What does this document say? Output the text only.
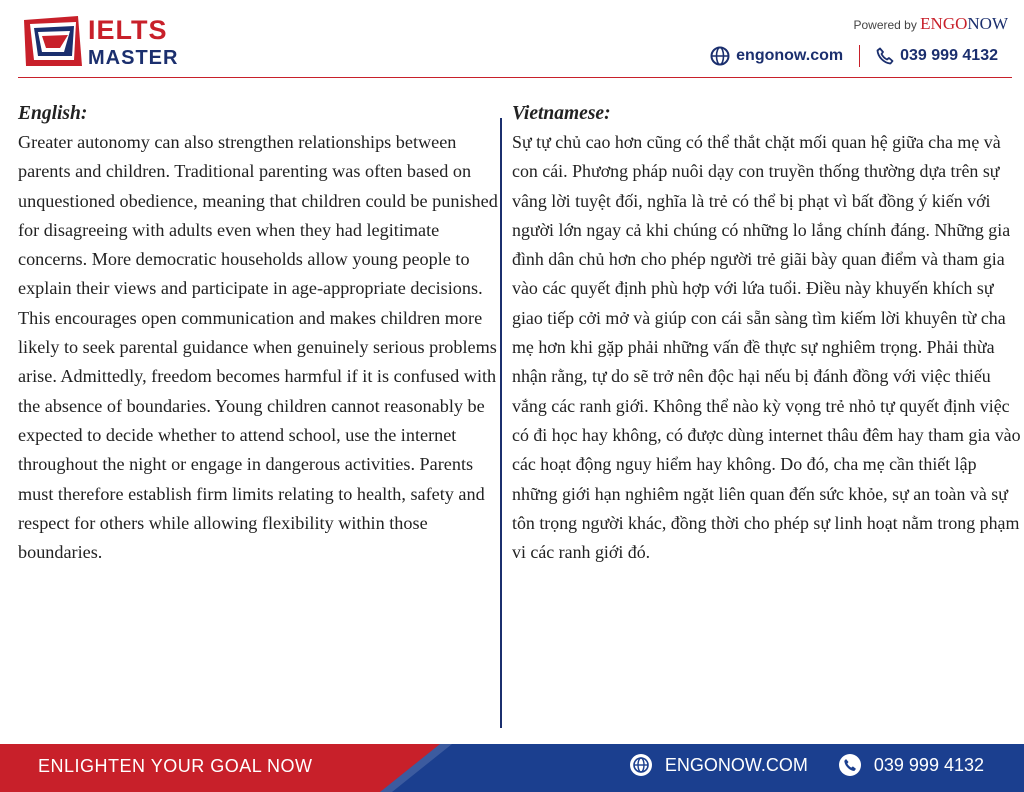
IELTS
MASTER
Powered by ENGONOW
engonow.com	039 999 4132

English:

Greater autonomy can also strengthen relationships between parents and children. Traditional parenting was often based on unquestioned obedience, meaning that children could be punished for disagreeing with adults even when they had legitimate concerns. More democratic households allow young people to explain their views and participate in age-appropriate decisions. This encourages open communication and makes children more likely to seek parental guidance when genuinely serious problems arise. Admittedly, freedom becomes harmful if it is confused with the absence of boundaries. Young children cannot reasonably be expected to decide whether to attend school, use the internet throughout the night or engage in dangerous activities. Parents must therefore establish firm limits relating to health, safety and respect for others while allowing flexibility within those boundaries.

Vietnamese:

Sự tự chủ cao hơn cũng có thể thắt chặt mối quan hệ giữa cha mẹ và con cái. Phương pháp nuôi dạy con truyền thống thường dựa trên sự vâng lời tuyệt đối, nghĩa là trẻ có thể bị phạt vì bất đồng ý kiến với người lớn ngay cả khi chúng có những lo lắng chính đáng. Những gia đình dân chủ hơn cho phép người trẻ giãi bày quan điểm và tham gia vào các quyết định phù hợp với lứa tuổi. Điều này khuyến khích sự giao tiếp cởi mở và giúp con cái sẵn sàng tìm kiếm lời khuyên từ cha mẹ hơn khi gặp phải những vấn đề thực sự nghiêm trọng. Phải thừa nhận rằng, tự do sẽ trở nên độc hại nếu bị đánh đồng với việc thiếu vắng các ranh giới. Không thể nào kỳ vọng trẻ nhỏ tự quyết định việc có đi học hay không, có được dùng internet thâu đêm hay tham gia vào các hoạt động nguy hiểm hay không. Do đó, cha mẹ cần thiết lập những giới hạn nghiêm ngặt liên quan đến sức khỏe, sự an toàn và sự tôn trọng người khác, đồng thời cho phép sự linh hoạt nằm trong phạm vi các ranh giới đó.

ENLIGHTEN YOUR GOAL NOW	ENGONOW.COM	039 999 4132
